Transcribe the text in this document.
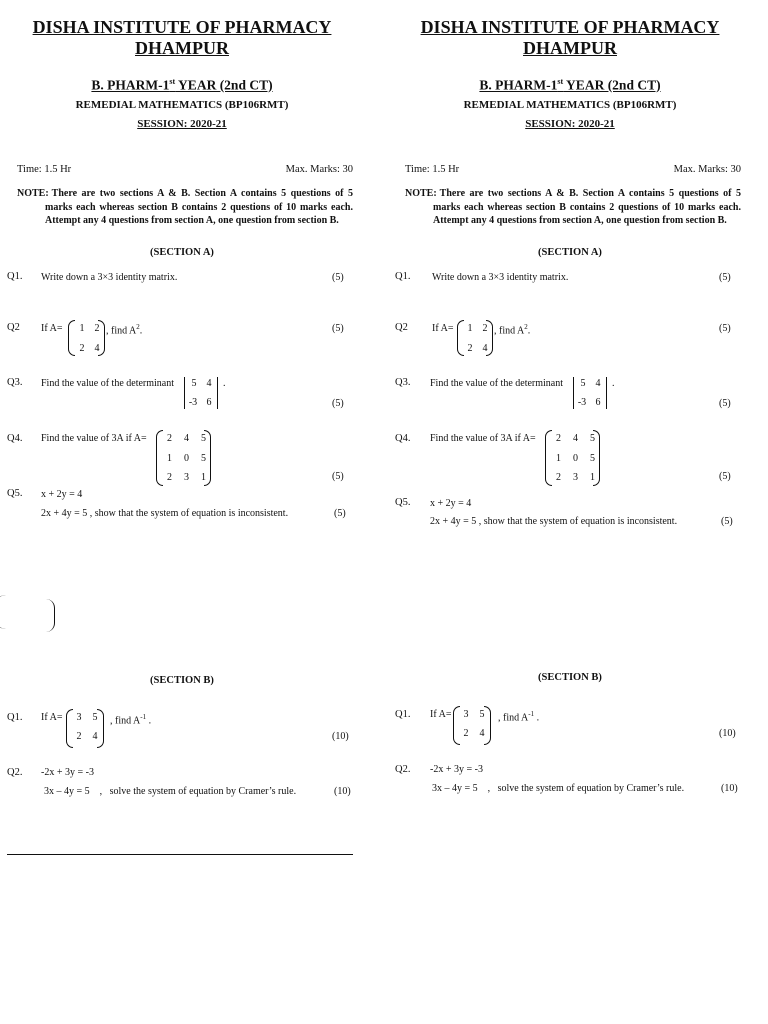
DISHA INSTITUTE OF PHARMACY
DHAMPUR
B. PHARM-1st YEAR (2nd CT)
REMEDIAL MATHEMATICS (BP106RMT)
SESSION: 2020-21
Time: 1.5 Hr	Max. Marks: 30

NOTE: There are two sections A & B. Section A contains 5 questions of 5 marks each whereas section B contains 2 questions of 10 marks each. Attempt any 4 questions from section A, one question from section B.

(SECTION A)
Q1. Write down a 3×3 identity matrix.	(5)
Q2 If A=	1 2
2 4
, find $A^2$.	(5)
Q3. Find the value of the determinant	5 4
-3 6
.
(5)
Q4. Find the value of 3A if A=	2 4 5
1 0 5
2 3 1	(5)
Q5. x + 2y = 4
2x + 4y = 5 , show that the system of equation is inconsistent.	(5)
(SECTION B)
Q1. If A=	3 5
2 4
, find $A^{-1}$ .
(10)
Q2. -2x + 3y = -3
3x – 4y = 5    ,   solve the system of equation by Cramer’s rule.	(10)
DISHA INSTITUTE OF PHARMACY
DHAMPUR
B. PHARM-1st YEAR (2nd CT)
REMEDIAL MATHEMATICS (BP106RMT)
SESSION: 2020-21
Time: 1.5 Hr	Max. Marks: 30

NOTE: There are two sections A & B. Section A contains 5 questions of 5 marks each whereas section B contains 2 questions of 10 marks each. Attempt any 4 questions from section A, one question from section B.

(SECTION A)
Q1. Write down a 3×3 identity matrix.	(5)
Q2 If A=	1 2
2 4
, find $A^2$.	(5)
Q3. Find the value of the determinant	5 4
-3 6
.
(5)
Q4. Find the value of 3A if A=	2 4 5
1 0 5
2 3 1	(5)
Q5. x + 2y = 4
2x + 4y = 5 , show that the system of equation is inconsistent.	(5)
(SECTION B)
Q1. If A=	3 5
2 4
, find $A^{-1}$ .
(10)
Q2. -2x + 3y = -3
3x – 4y = 5    ,   solve the system of equation by Cramer’s rule.	(10)
